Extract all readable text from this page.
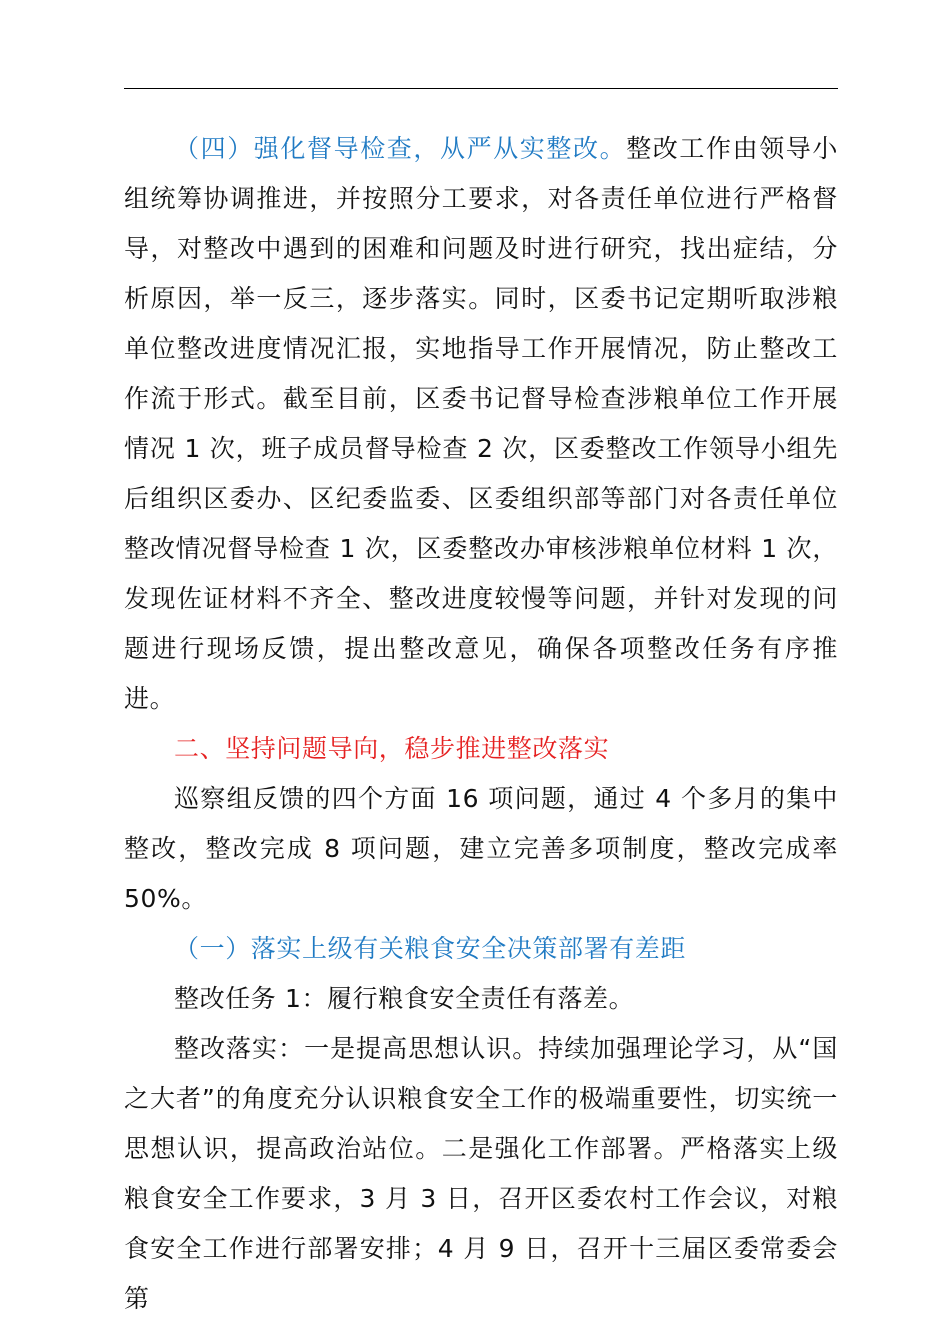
（四）强化督导检查，从严从实整改。整改工作由领导小组统筹协调推进，并按照分工要求，对各责任单位进行严格督导，对整改中遇到的困难和问题及时进行研究，找出症结，分析原因，举一反三，逐步落实。同时，区委书记定期听取涉粮单位整改进度情况汇报，实地指导工作开展情况，防止整改工作流于形式。截至目前，区委书记督导检查涉粮单位工作开展情况 1 次，班子成员督导检查 2 次，区委整改工作领导小组先后组织区委办、区纪委监委、区委组织部等部门对各责任单位整改情况督导检查 1 次，区委整改办审核涉粮单位材料 1 次，发现佐证材料不齐全、整改进度较慢等问题，并针对发现的问题进行现场反馈，提出整改意见，确保各项整改任务有序推进。

二、坚持问题导向，稳步推进整改落实

巡察组反馈的四个方面 16 项问题，通过 4 个多月的集中整改，整改完成 8 项问题，建立完善多项制度，整改完成率 50%。

（一）落实上级有关粮食安全决策部署有差距

整改任务 1：履行粮食安全责任有落差。

整改落实：一是提高思想认识。持续加强理论学习，从“国之大者”的角度充分认识粮食安全工作的极端重要性，切实统一思想认识，提高政治站位。二是强化工作部署。严格落实上级粮食安全工作要求，3 月 3 日，召开区委农村工作会议，对粮食安全工作进行部署安排；4 月 9 日，召开十三届区委常委会第
